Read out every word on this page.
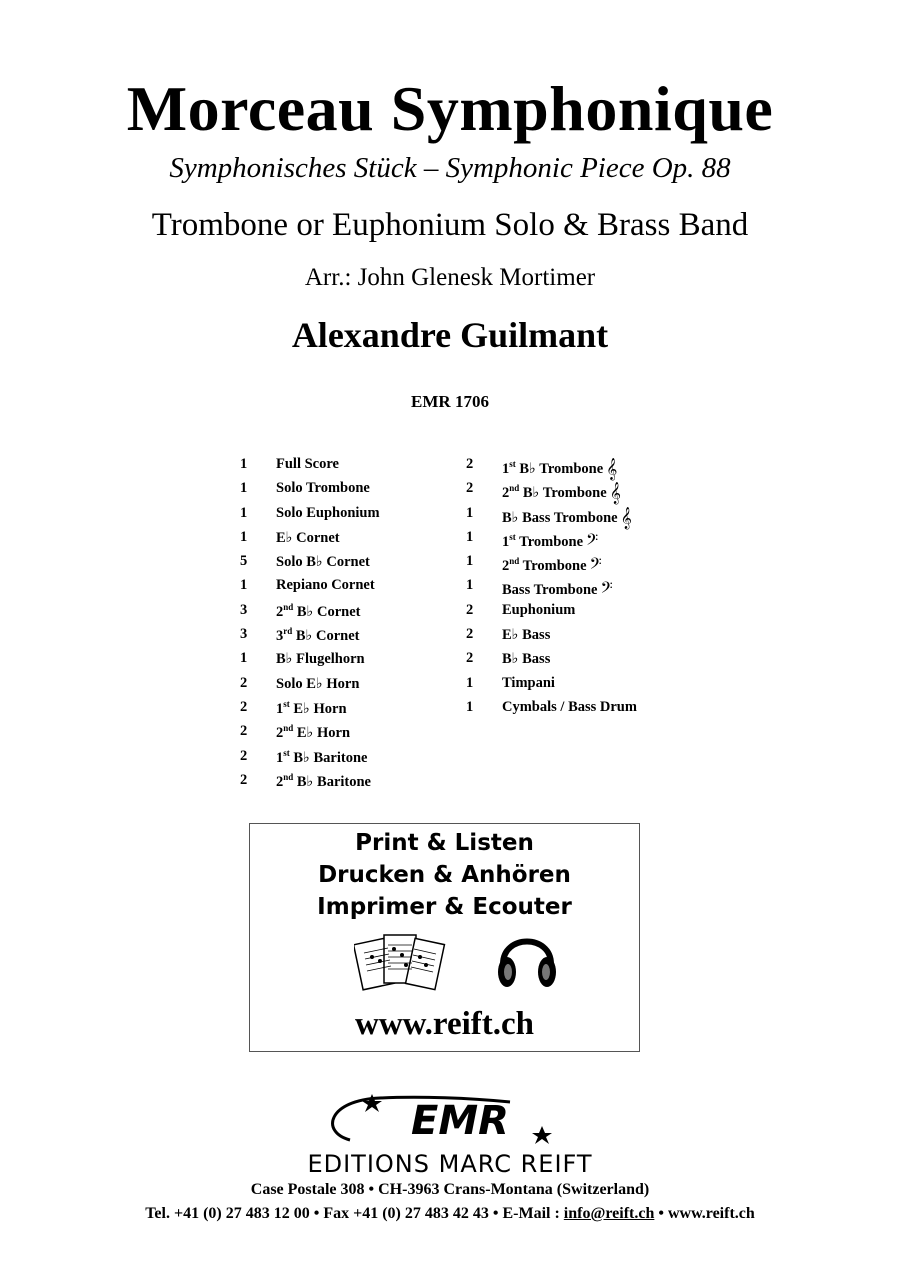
Morceau Symphonique
Symphonisches Stück – Symphonic Piece Op. 88
Trombone or Euphonium Solo & Brass Band
Arr.: John Glenesk Mortimer
Alexandre Guilmant
EMR 1706
1	Full Score
1	Solo Trombone
1	Solo Euphonium
1	E♭ Cornet
5	Solo B♭ Cornet
1	Repiano Cornet
3	2nd B♭ Cornet
3	3rd B♭ Cornet
1	B♭ Flugelhorn
2	Solo E♭ Horn
2	1st E♭ Horn
2	2nd E♭ Horn
2	1st B♭ Baritone
2	2nd B♭ Baritone
2	1st B♭ Trombone 𝄞
2	2nd B♭ Trombone 𝄞
1	B♭ Bass Trombone 𝄞
1	1st Trombone 𝄢
1	2nd Trombone 𝄢
1	Bass Trombone 𝄢
2	Euphonium
2	E♭ Bass
2	B♭ Bass
1	Timpani
1	Cymbals / Bass Drum
Print & Listen
Drucken & Anhören
Imprimer & Ecouter
www.reift.ch
EMR
EDITIONS MARC REIFT
Case Postale 308 • CH-3963 Crans-Montana (Switzerland)
Tel. +41 (0) 27 483 12 00 • Fax +41 (0) 27 483 42 43 • E-Mail : info@reift.ch • www.reift.ch
